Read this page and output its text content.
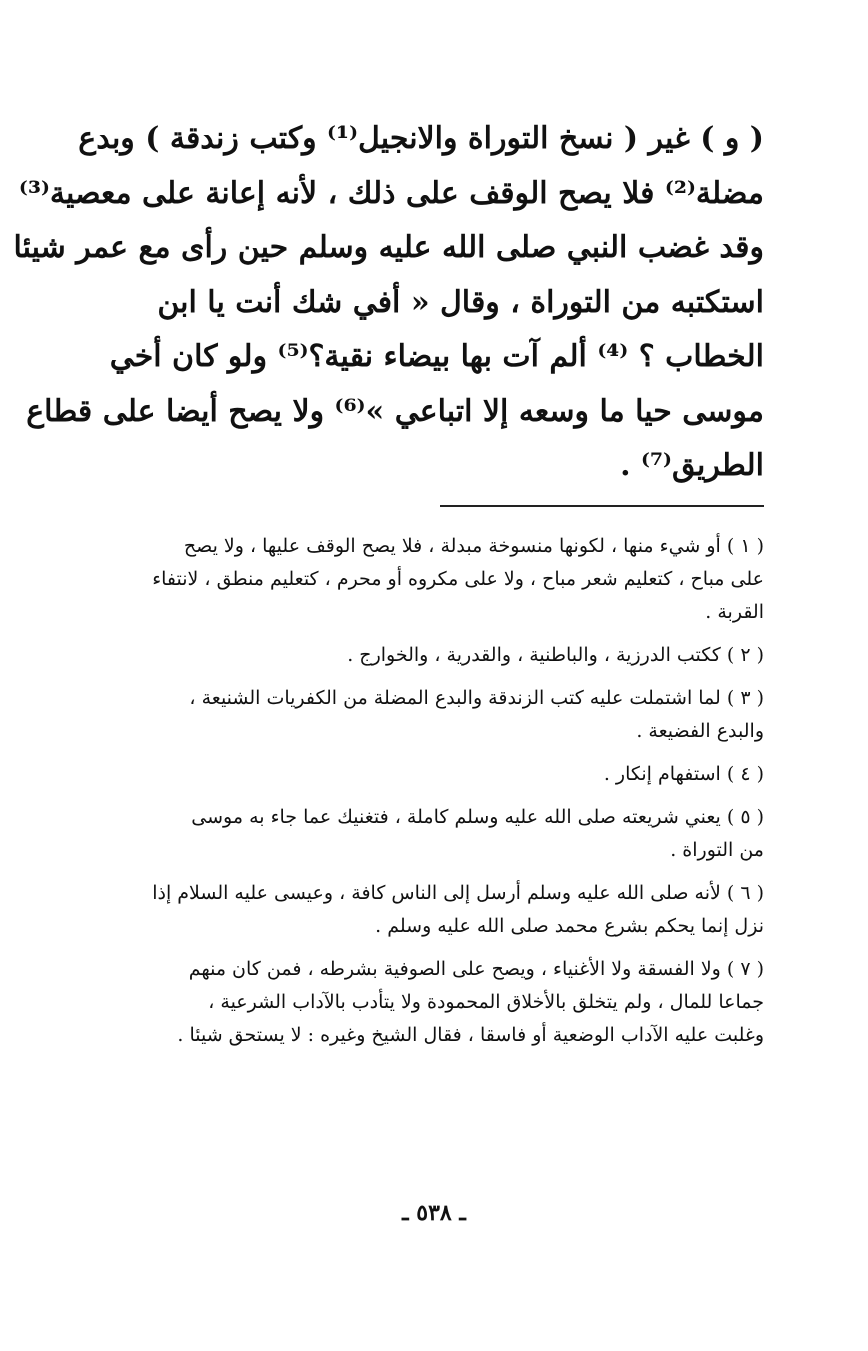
( و ) غير ( نسخ التوراة والانجيل⁽¹⁾ وكتب زندقة ) وبدع
مضلة⁽²⁾ فلا يصح الوقف على ذلك ، لأنه إعانة على معصية⁽³⁾
وقد غضب النبي صلى الله عليه وسلم حين رأى مع عمر شيئا
استكتبه من التوراة ، وقال « أفي شك أنت يا ابن
الخطاب ؟ ⁽⁴⁾ ألم آت بها بيضاء نقية؟⁽⁵⁾ ولو كان أخي
موسى حيا ما وسعه إلا اتباعي »⁽⁶⁾ ولا يصح أيضا على قطاع
الطريق⁽⁷⁾ .
( ١ ) أو شيء منها ، لكونها منسوخة مبدلة ، فلا يصح الوقف عليها ، ولا يصح
على مباح ، كتعليم شعر مباح ، ولا على مكروه أو محرم ، كتعليم منطق ، لانتفاء
القربة .
( ٢ ) ككتب الدرزية ، والباطنية ، والقدرية ، والخوارج .
( ٣ ) لما اشتملت عليه كتب الزندقة والبدع المضلة من الكفريات الشنيعة ،
والبدع الفضيعة .
( ٤ ) استفهام إنكار .
( ٥ ) يعني شريعته صلى الله عليه وسلم كاملة ، فتغنيك عما جاء به موسى
من التوراة .
( ٦ ) لأنه صلى الله عليه وسلم أرسل إلى الناس كافة ، وعيسى عليه السلام إذا
نزل إنما يحكم بشرع محمد صلى الله عليه وسلم .
( ٧ ) ولا الفسقة ولا الأغنياء ، ويصح على الصوفية بشرطه ، فمن كان منهم
جماعا للمال ، ولم يتخلق بالأخلاق المحمودة ولا يتأدب بالآداب الشرعية ،
وغلبت عليه الآداب الوضعية أو فاسقا ، فقال الشيخ وغيره : لا يستحق شيئا .
ـ ٥٣٨ ـ
